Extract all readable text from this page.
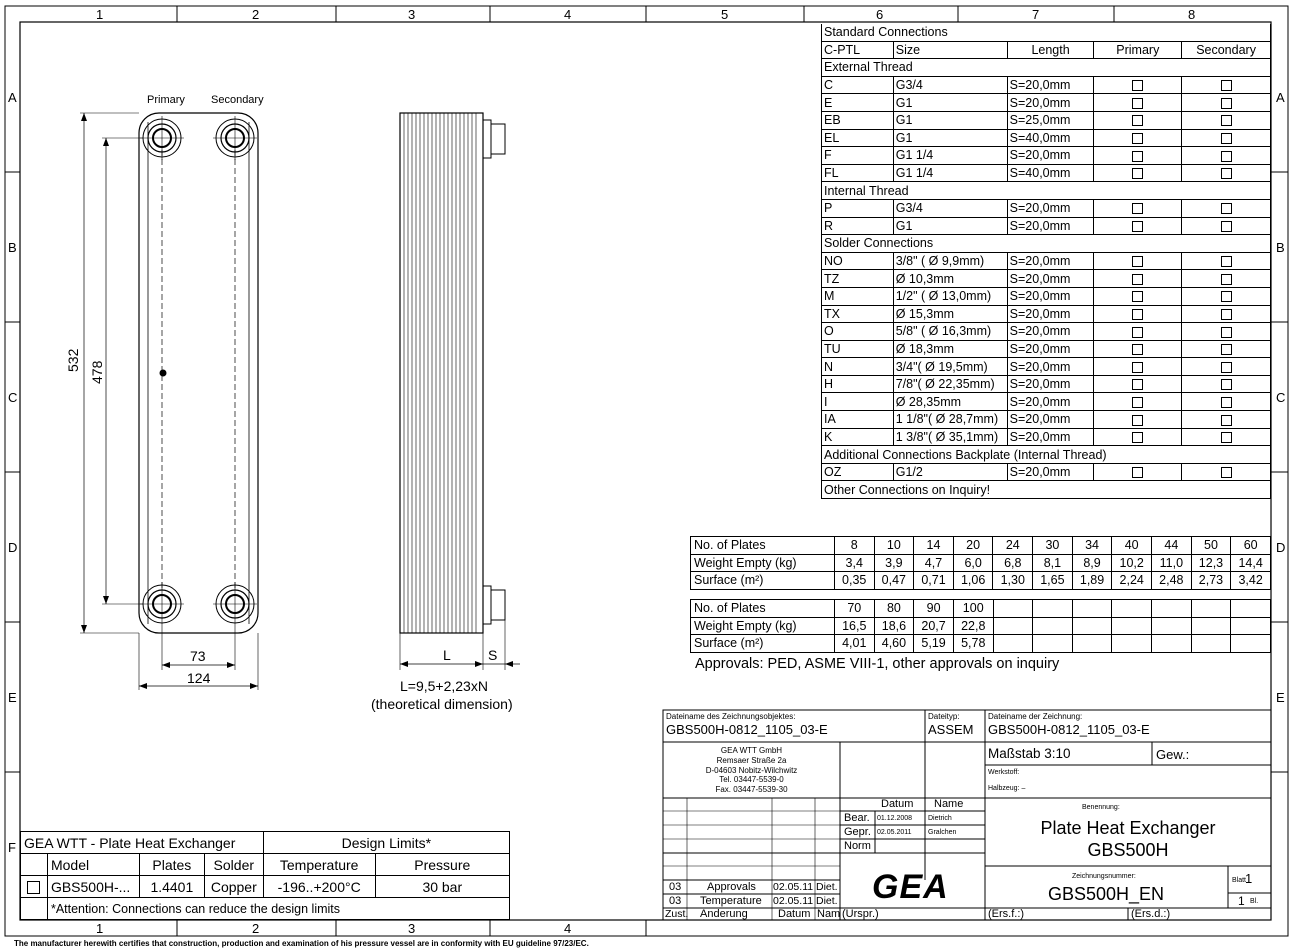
1	2	3	4	5	6	7	8
1	2	3	4
A
B
C
D
E
F
A
B
C
D
E
Primary Secondary
532
478
73
124
L	S
L=9,5+2,23xN
(theoretical dimension)
Standard Connections				
C-PTL	Size	Length	Primary	Secondary
External Thread				
C	G3/4	S=20,0mm		
E	G1	S=20,0mm		
EB	G1	S=25,0mm		
EL	G1	S=40,0mm		
F	G1 1/4	S=20,0mm		
FL	G1 1/4	S=40,0mm		
Internal Thread				
P	G3/4	S=20,0mm		
R	G1	S=20,0mm		
Solder Connections				
NO	3/8" ( Ø 9,9mm)	S=20,0mm		
TZ	Ø 10,3mm	S=20,0mm		
M	1/2" ( Ø 13,0mm)	S=20,0mm		
TX	Ø 15,3mm	S=20,0mm		
O	5/8" ( Ø 16,3mm)	S=20,0mm		
TU	Ø 18,3mm	S=20,0mm		
N	3/4"( Ø 19,5mm)	S=20,0mm		
H	7/8"( Ø 22,35mm)	S=20,0mm		
I	Ø 28,35mm	S=20,0mm		
IA	1 1/8"( Ø 28,7mm)	S=20,0mm		
K	1 3/8"( Ø 35,1mm)	S=20,0mm		
Additional Connections Backplate (Internal Thread)				
OZ	G1/2	S=20,0mm		
Other Connections on Inquiry!				
No. of Plates	8	10	14	20	24	30	34	40	44	50	60
Weight Empty (kg)	3,4	3,9	4,7	6,0	6,8	8,1	8,9	10,2	11,0	12,3	14,4
Surface (m²)	0,35	0,47	0,71	1,06	1,30	1,65	1,89	2,24	2,48	2,73	3,42
No. of Plates	70	80	90	100							
Weight Empty (kg)	16,5	18,6	20,7	22,8							
Surface (m²)	4,01	4,60	5,19	5,78							
Approvals: PED, ASME VIII-1, other approvals on inquiry
GEA WTT - Plate Heat Exchanger				Design Limits*	
	Model	Plates	Solder	Temperature	Pressure
	GBS500H-...	1.4401	Copper	-196..+200°C	30 bar
	*Attention: Connections can reduce the design limits				
Dateiname des Zeichnungsobjektes:
GBS500H-0812_1105_03-E
Dateityp:
ASSEM
Dateiname der Zeichnung:
GBS500H-0812_1105_03-E
GEA WTT GmbH
Remsaer Straße 2a
D-04603 Nobitz-Wilchwitz
Tel. 03447-5539-0
Fax. 03447-5539-30
Maßstab 3:10	Gew.:
Werkstoff:
Halbzeug: –
Datum Name
Bear. 01.12.2008 Dietrich
Gepr. 02.05.2011 Gralchen
Norm
Benennung:
Plate Heat Exchanger
GBS500H
Zeichnungsnummer:
GBS500H_EN
Blatt
1
1 Bl.
GEA
03 Approvals 02.05.11 Diet.
03 Temperature 02.05.11 Diet.
Zust. Änderung	Datum Nam (Urspr.)	(Ers.f.:)	(Ers.d.:)
The manufacturer herewith certifies that construction, production and examination of his pressure vessel are in conformity with EU guideline 97/23/EC.
